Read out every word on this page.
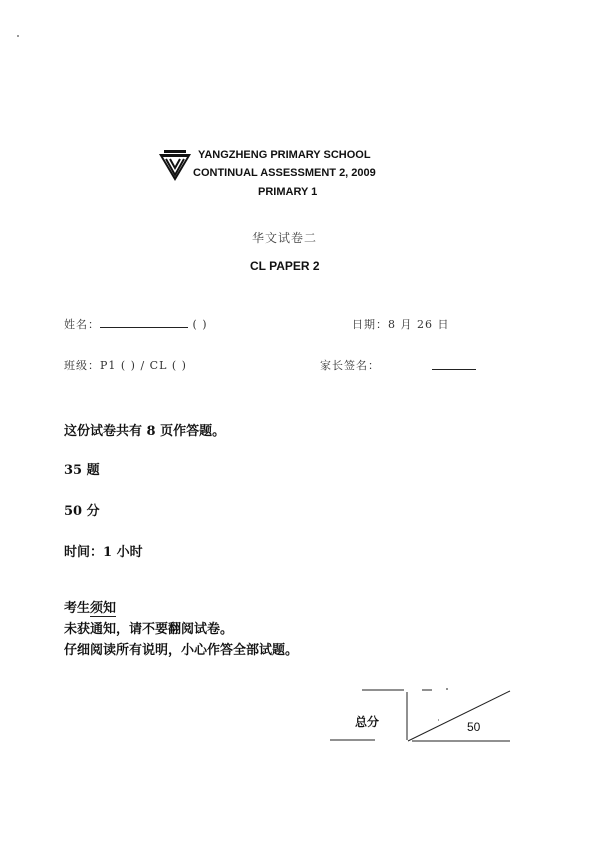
YANGZHENG PRIMARY SCHOOL
CONTINUAL ASSESSMENT 2, 2009
PRIMARY 1
华文试卷二
CL PAPER 2
姓名：	( )	日期：8 月 26 日
班级：P1 ( ) / CL ( )	家长签名：
这份试卷共有 8 页作答题。
35 题
50 分
时间：1 小时
考生须知
未获通知，请不要翻阅试卷。
仔细阅读所有说明，小心作答全部试题。
总分	50
